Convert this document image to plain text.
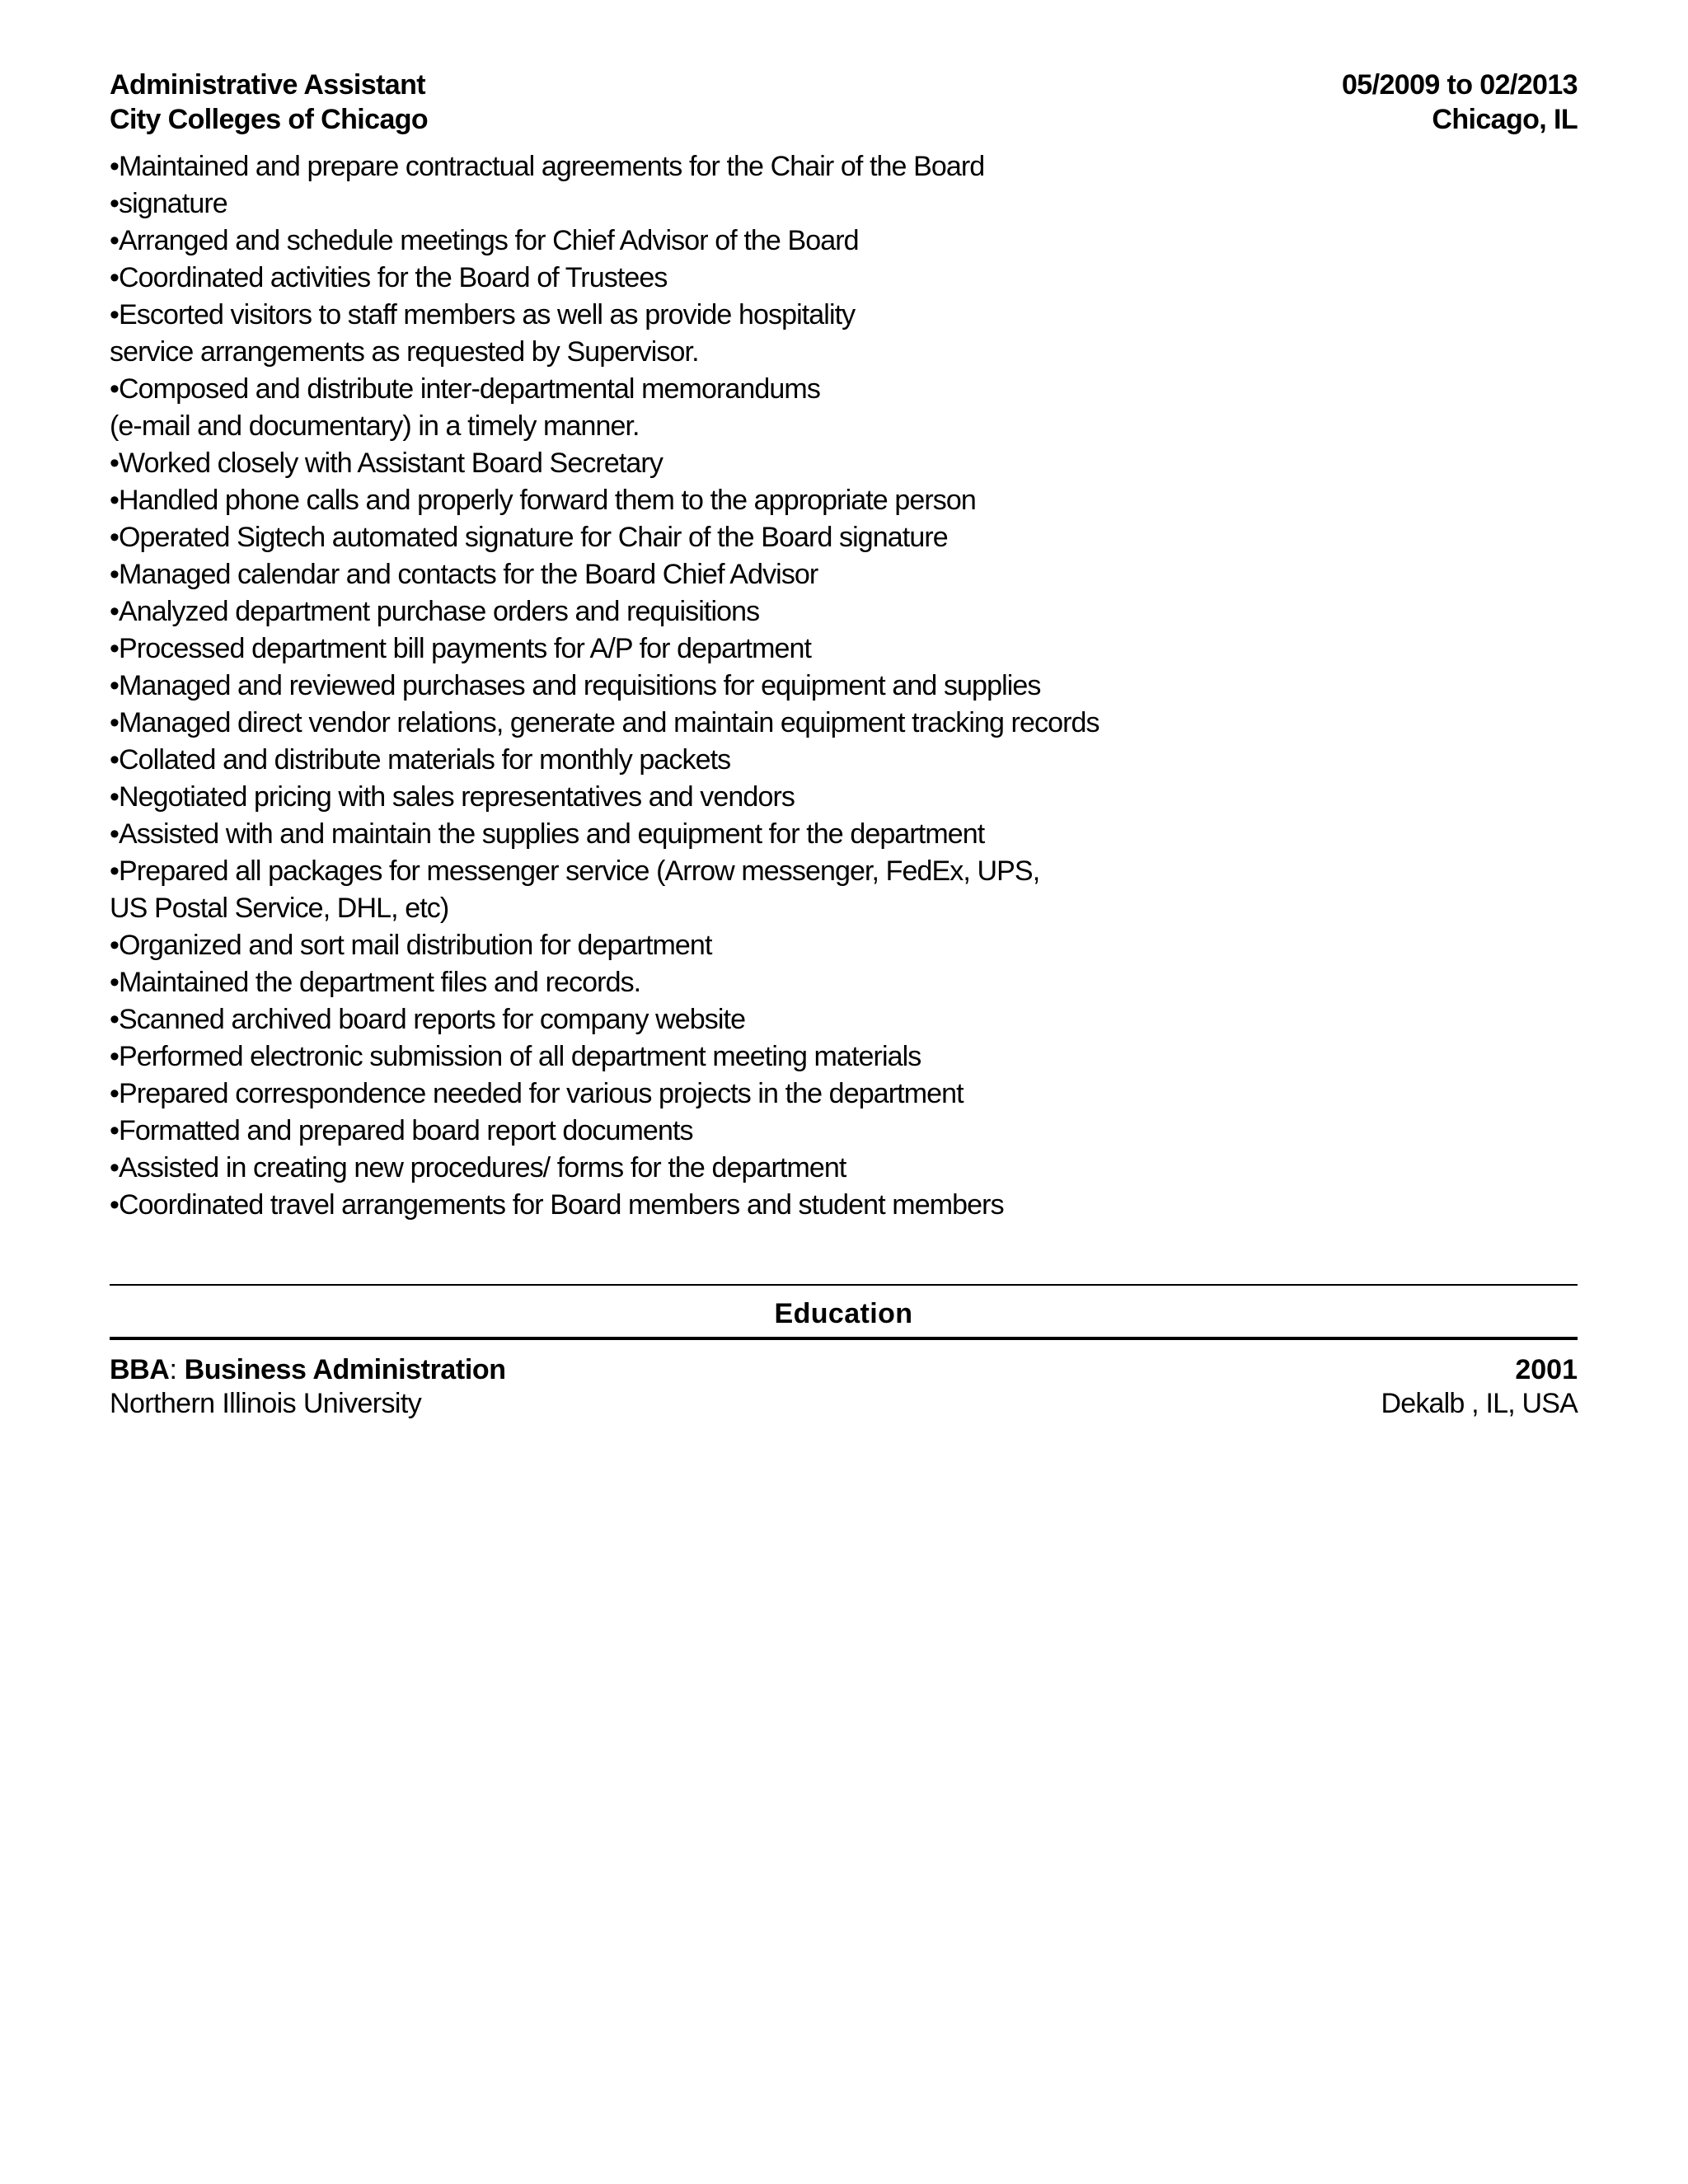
Administrative Assistant
City Colleges of Chicago
05/2009 to 02/2013
Chicago, IL
•Maintained and prepare contractual agreements for the Chair of the Board
•signature
•Arranged and schedule meetings for Chief Advisor of the Board
•Coordinated activities for the Board of Trustees
•Escorted visitors to staff members as well as provide hospitality
service arrangements as requested by Supervisor.
•Composed and distribute inter-departmental memorandums
(e-mail and documentary) in a timely manner.
•Worked closely with Assistant Board Secretary
•Handled phone calls and properly forward them to the appropriate person
•Operated Sigtech automated signature for Chair of the Board signature
•Managed calendar and contacts for the Board Chief Advisor
•Analyzed department purchase orders and requisitions
•Processed department bill payments for A/P for department
•Managed and reviewed purchases and requisitions for equipment and supplies
•Managed direct vendor relations, generate and maintain equipment tracking records
•Collated and distribute materials for monthly packets
•Negotiated pricing with sales representatives and vendors
•Assisted with and maintain the supplies and equipment for the department
•Prepared all packages for messenger service (Arrow messenger, FedEx, UPS,
US Postal Service, DHL, etc)
•Organized and sort mail distribution for department
•Maintained the department files and records.
•Scanned archived board reports for company website
•Performed electronic submission of all department meeting materials
•Prepared correspondence needed for various projects in the department
•Formatted and prepared board report documents
•Assisted in creating new procedures/ forms for the department
•Coordinated travel arrangements for Board members and student members
Education
BBA: Business Administration
Northern Illinois University
2001
Dekalb , IL, USA
